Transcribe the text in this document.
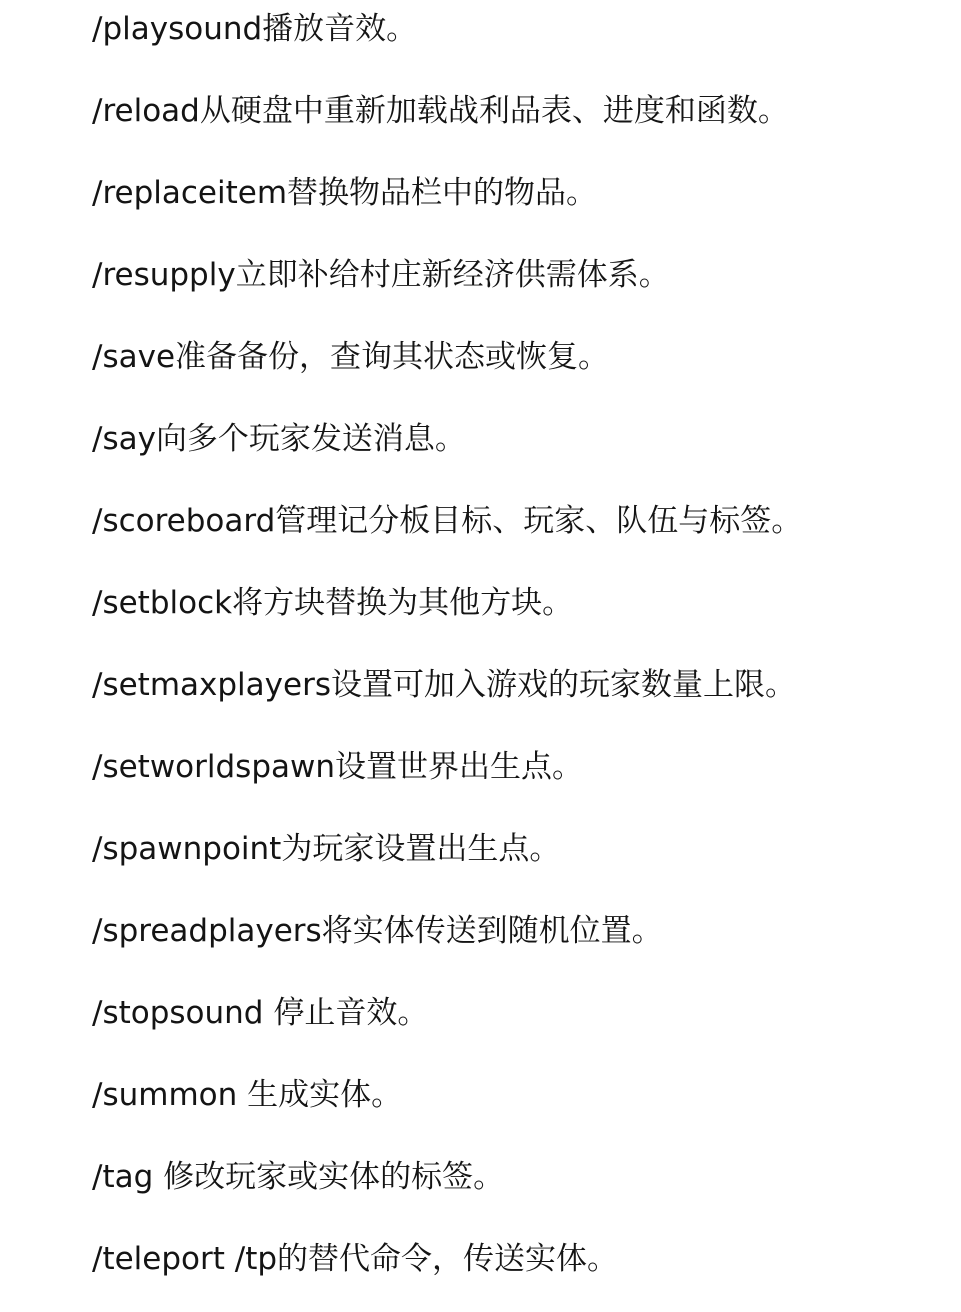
/playsound播放音效。
/reload从硬盘中重新加载战利品表、进度和函数。
/replaceitem替换物品栏中的物品。
/resupply立即补给村庄新经济供需体系。
/save准备备份，查询其状态或恢复。
/say向多个玩家发送消息。
/scoreboard管理记分板目标、玩家、队伍与标签。
/setblock将方块替换为其他方块。
/setmaxplayers设置可加入游戏的玩家数量上限。
/setworldspawn设置世界出生点。
/spawnpoint为玩家设置出生点。
/spreadplayers将实体传送到随机位置。
/stopsound 停止音效。
/summon 生成实体。
/tag 修改玩家或实体的标签。
/teleport /tp的替代命令，传送实体。
